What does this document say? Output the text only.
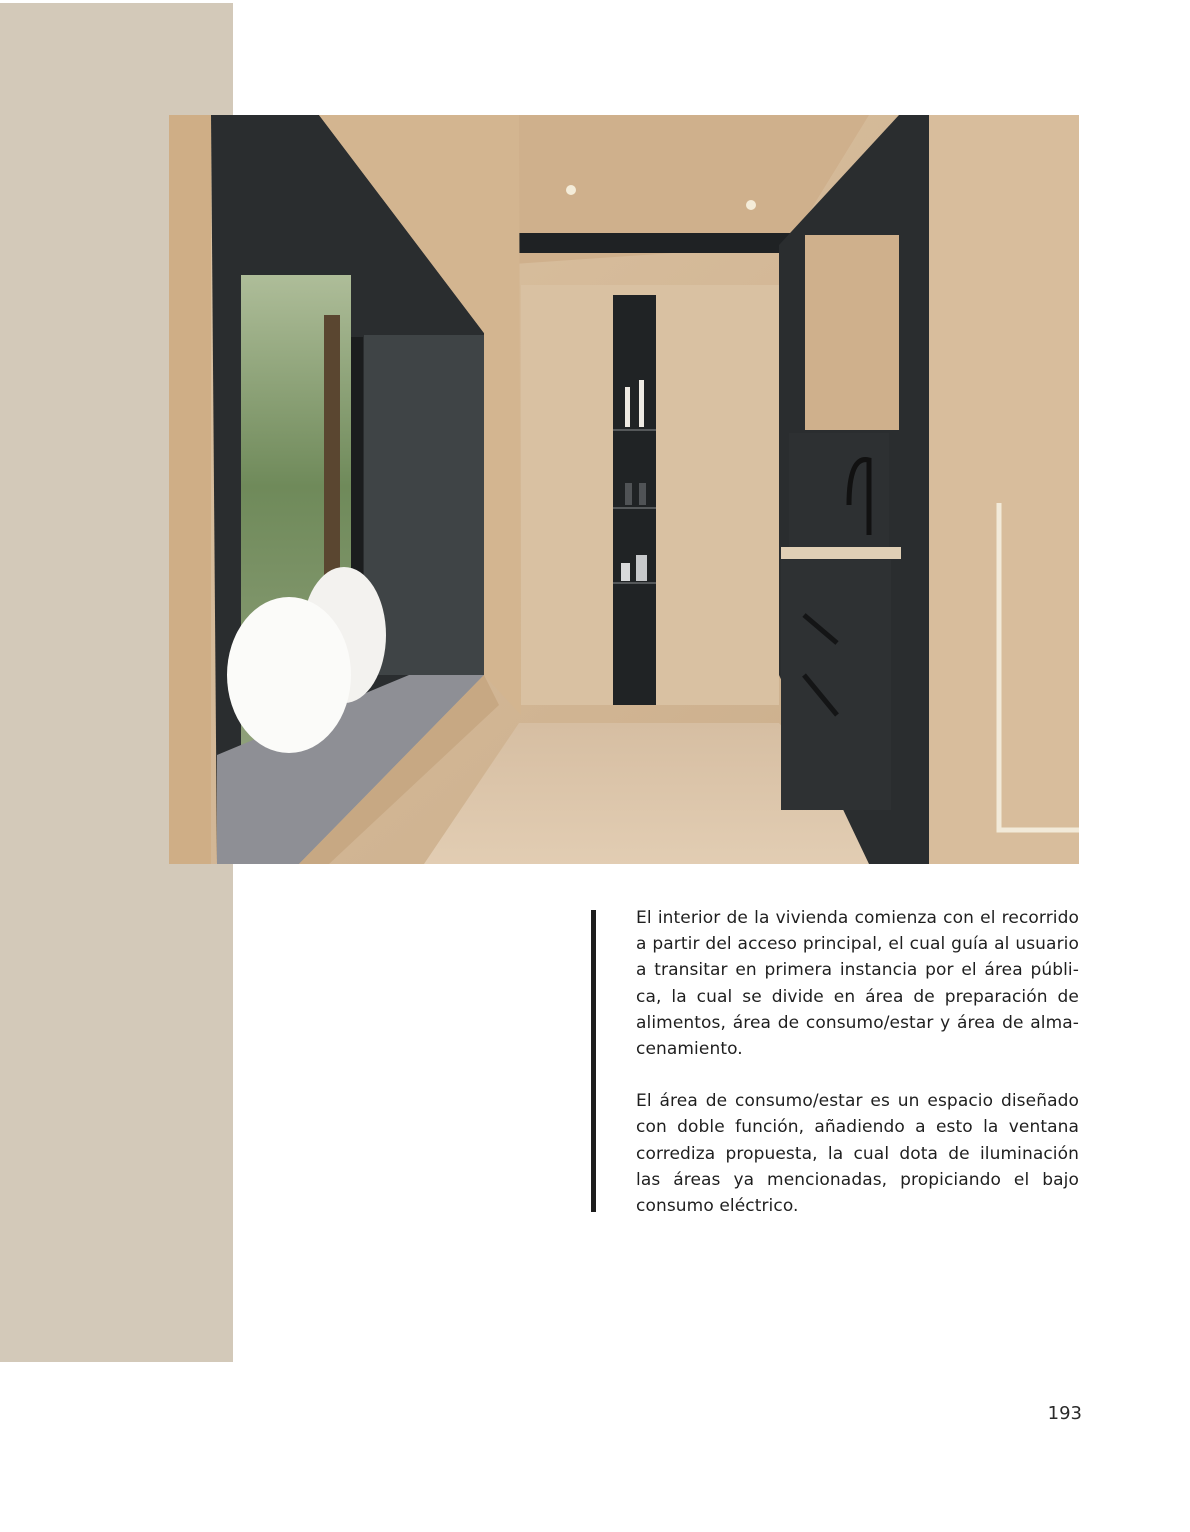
El interior de la vivienda comienza con el recorrido a partir del acceso principal, el cual guía al usuario a transitar en primera instancia por el área públi-ca, la cual se divide en área de preparación de alimentos, área de consumo/estar y área de alma-cenamiento.

El área de consumo/estar es un espacio diseñado con doble función, añadiendo a esto la ventana corrediza propuesta, la cual dota de iluminación las áreas ya mencionadas, propiciando el bajo consumo eléctrico.

193
